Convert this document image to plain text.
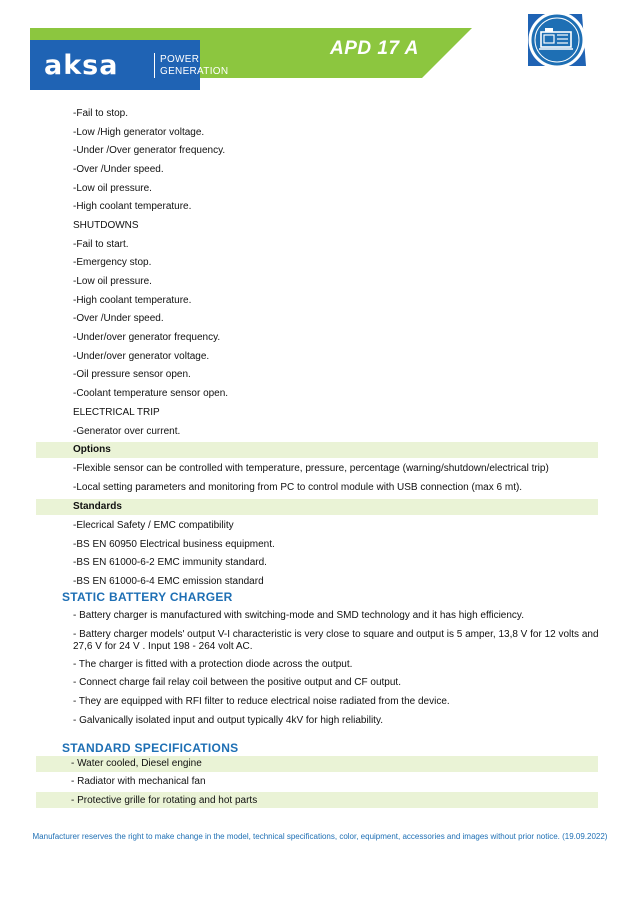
aksa	POWER
GENERATION
APD 17 A
-Fail to stop.
-Low /High generator voltage.
-Under /Over generator frequency.
-Over /Under speed.
-Low oil pressure.
-High coolant temperature.
SHUTDOWNS
-Fail to start.
-Emergency stop.
-Low oil pressure.
-High coolant temperature.
-Over /Under speed.
-Under/over generator frequency.
-Under/over generator voltage.
-Oil pressure sensor open.
-Coolant temperature sensor open.
ELECTRICAL TRIP
-Generator over current.
Options
-Flexible sensor can be controlled with temperature, pressure, percentage (warning/shutdown/electrical trip)
-Local setting parameters and monitoring from PC to control module with USB connection (max 6 mt).
Standards
-Elecrical Safety / EMC compatibility
-BS EN 60950 Electrical business equipment.
-BS EN 61000-6-2 EMC immunity standard.
-BS EN 61000-6-4 EMC emission standard
STATIC BATTERY CHARGER
- Battery charger is manufactured with switching-mode and SMD technology and it has high efficiency.
- Battery charger models' output V-I characteristic is very close to square and output is 5 amper, 13,8 V for 12 volts and 27,6 V for 24 V . Input 198 - 264 volt AC.
- The charger is fitted with a protection diode across the output.
- Connect charge fail relay coil between the positive output and CF output.
- They are equipped with RFI filter to reduce electrical noise radiated from the device.
- Galvanically isolated input and output typically 4kV for high reliability.
STANDARD SPECIFICATIONS
- Water cooled, Diesel engine
- Radiator with mechanical fan
- Protective grille for rotating and hot parts
Manufacturer reserves the right to make change in the model, technical specifications, color, equipment, accessories and images without prior notice. (19.09.2022)
